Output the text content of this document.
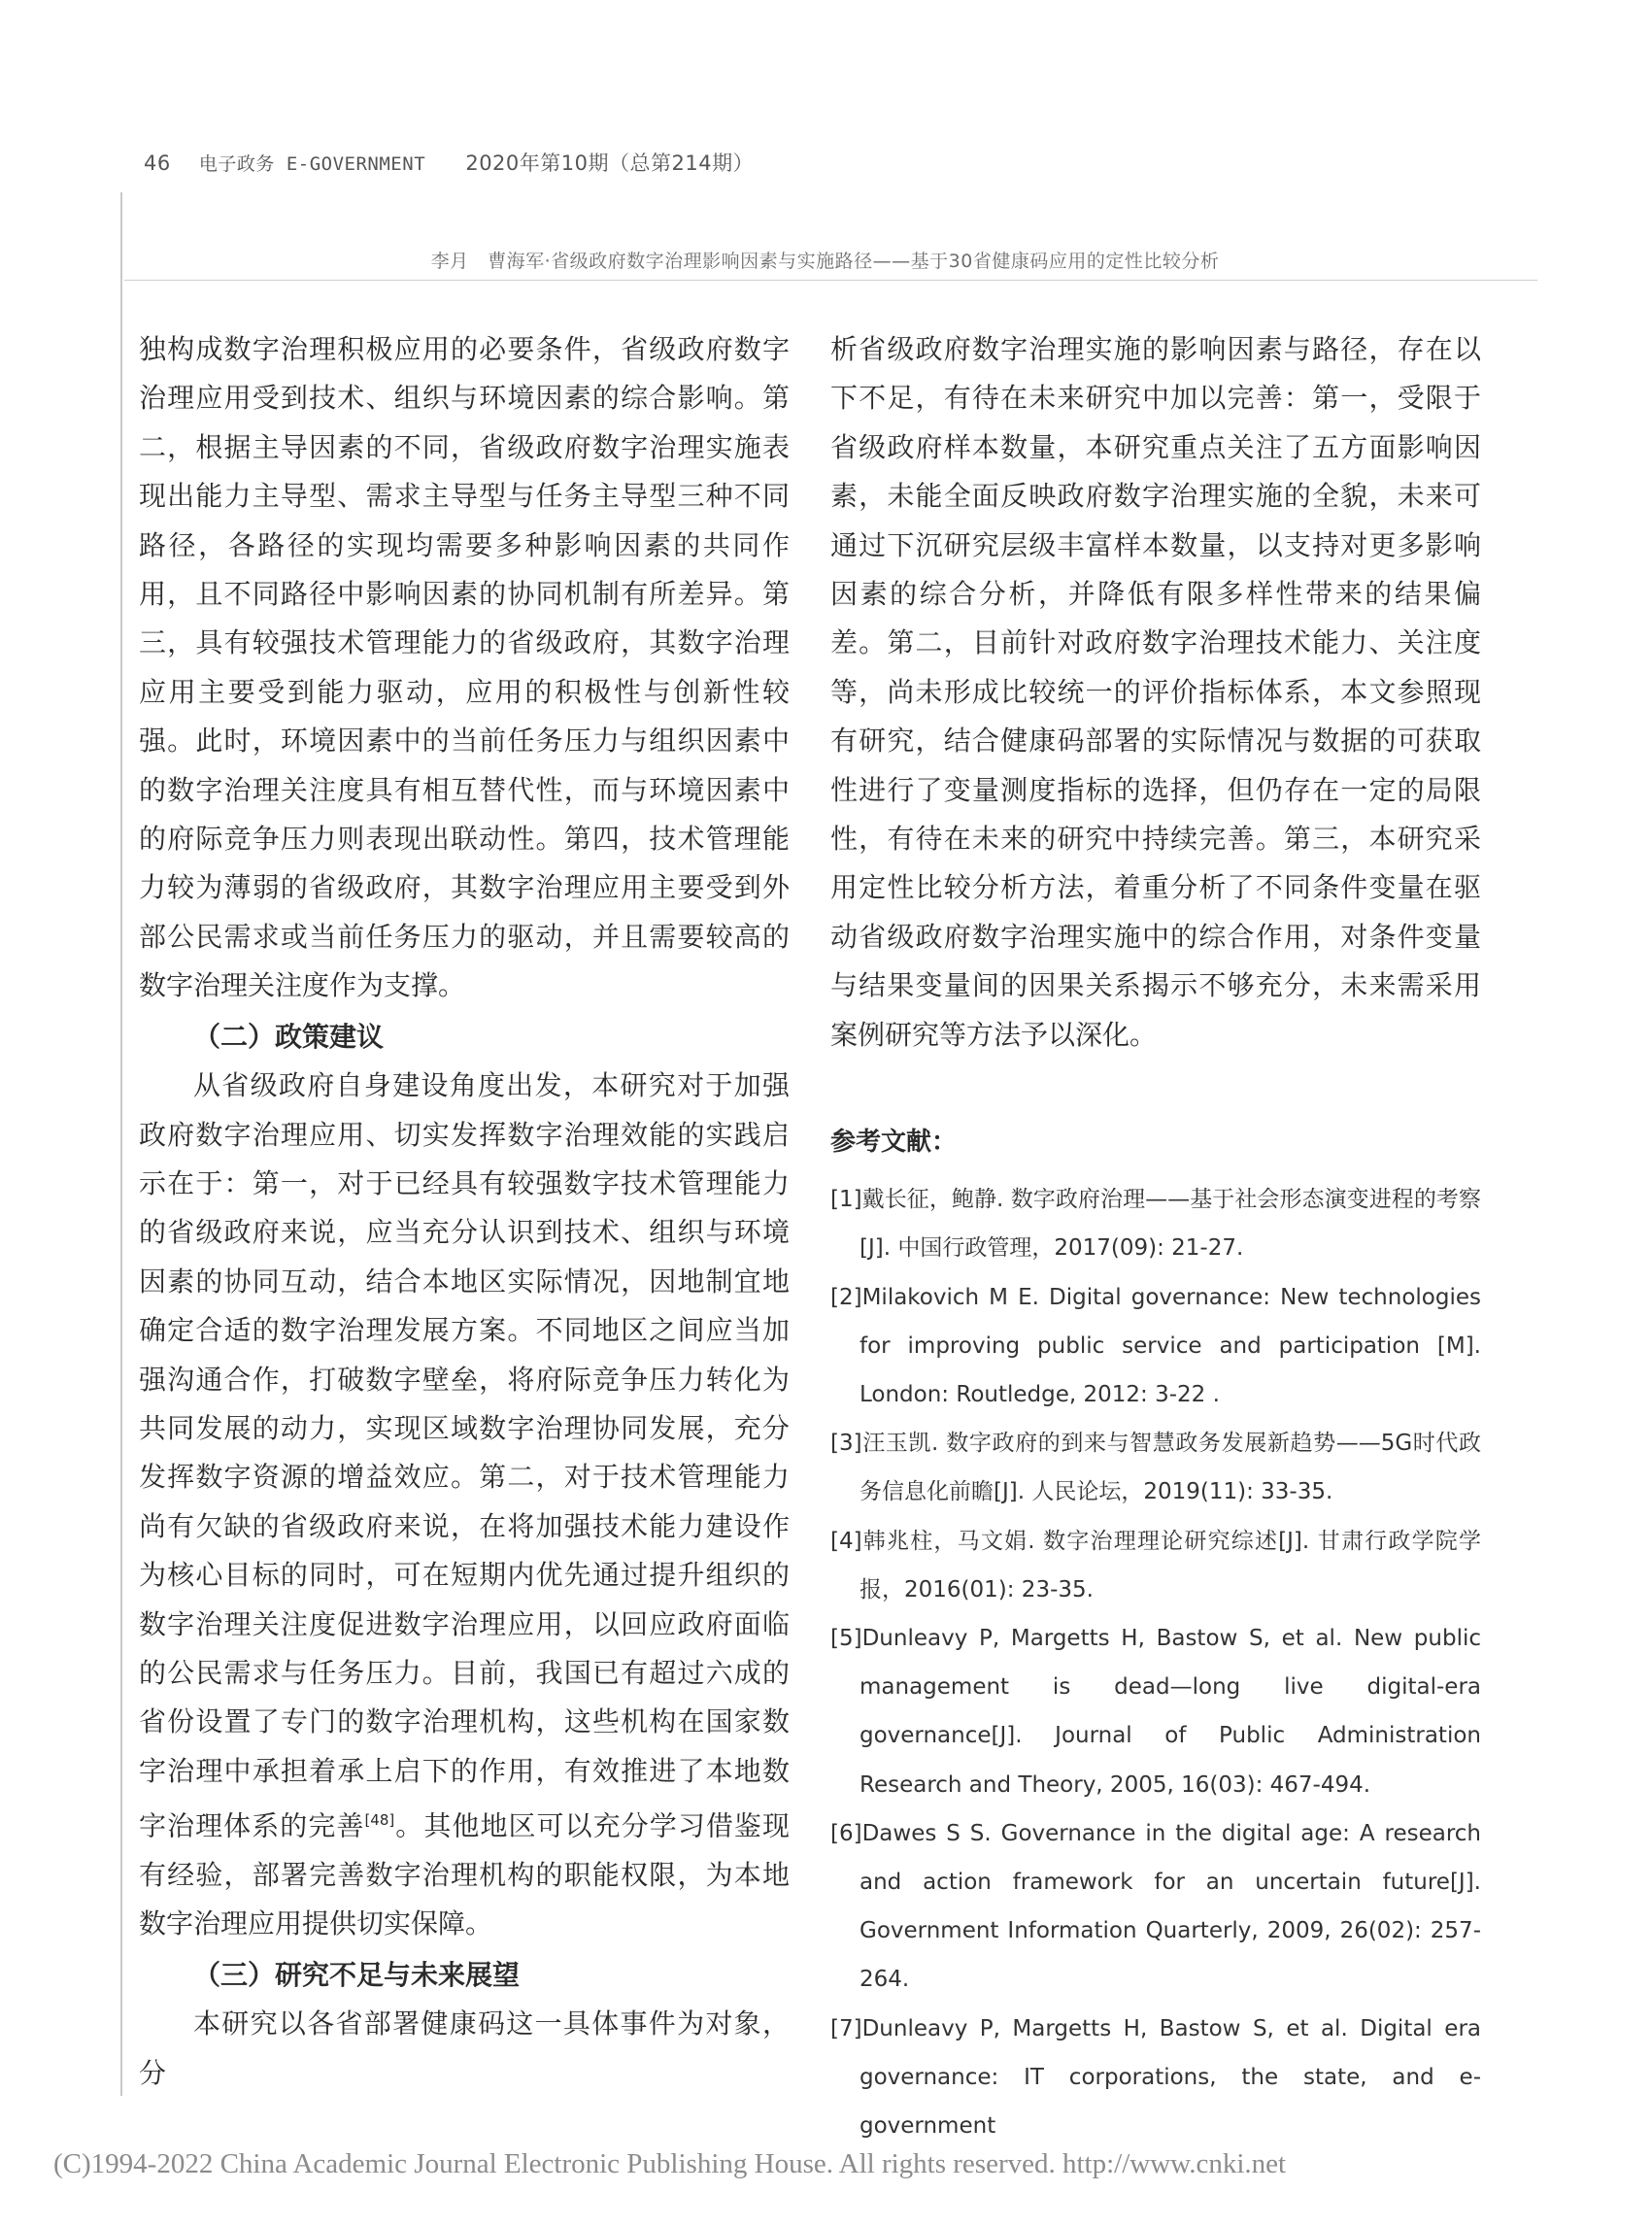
46 电子政务 E-GOVERNMENT 2020年第10期（总第214期）
李月　曹海军·省级政府数字治理影响因素与实施路径——基于30省健康码应用的定性比较分析

独构成数字治理积极应用的必要条件，省级政府数字治理应用受到技术、组织与环境因素的综合影响。第二，根据主导因素的不同，省级政府数字治理实施表现出能力主导型、需求主导型与任务主导型三种不同路径，各路径的实现均需要多种影响因素的共同作用，且不同路径中影响因素的协同机制有所差异。第三，具有较强技术管理能力的省级政府，其数字治理应用主要受到能力驱动，应用的积极性与创新性较强。此时，环境因素中的当前任务压力与组织因素中的数字治理关注度具有相互替代性，而与环境因素中的府际竞争压力则表现出联动性。第四，技术管理能力较为薄弱的省级政府，其数字治理应用主要受到外部公民需求或当前任务压力的驱动，并且需要较高的数字治理关注度作为支撑。

（二）政策建议

从省级政府自身建设角度出发，本研究对于加强政府数字治理应用、切实发挥数字治理效能的实践启示在于：第一，对于已经具有较强数字技术管理能力的省级政府来说，应当充分认识到技术、组织与环境因素的协同互动，结合本地区实际情况，因地制宜地确定合适的数字治理发展方案。不同地区之间应当加强沟通合作，打破数字壁垒，将府际竞争压力转化为共同发展的动力，实现区域数字治理协同发展，充分发挥数字资源的增益效应。第二，对于技术管理能力尚有欠缺的省级政府来说，在将加强技术能力建设作为核心目标的同时，可在短期内优先通过提升组织的数字治理关注度促进数字治理应用，以回应政府面临的公民需求与任务压力。目前，我国已有超过六成的省份设置了专门的数字治理机构，这些机构在国家数字治理中承担着承上启下的作用，有效推进了本地数字治理体系的完善[48]。其他地区可以充分学习借鉴现有经验，部署完善数字治理机构的职能权限，为本地数字治理应用提供切实保障。

（三）研究不足与未来展望

本研究以各省部署健康码这一具体事件为对象，分

析省级政府数字治理实施的影响因素与路径，存在以下不足，有待在未来研究中加以完善：第一，受限于省级政府样本数量，本研究重点关注了五方面影响因素，未能全面反映政府数字治理实施的全貌，未来可通过下沉研究层级丰富样本数量，以支持对更多影响因素的综合分析，并降低有限多样性带来的结果偏差。第二，目前针对政府数字治理技术能力、关注度等，尚未形成比较统一的评价指标体系，本文参照现有研究，结合健康码部署的实际情况与数据的可获取性进行了变量测度指标的选择，但仍存在一定的局限性，有待在未来的研究中持续完善。第三，本研究采用定性比较分析方法，着重分析了不同条件变量在驱动省级政府数字治理实施中的综合作用，对条件变量与结果变量间的因果关系揭示不够充分，未来需采用案例研究等方法予以深化。

参考文献：
[1]戴长征，鲍静. 数字政府治理——基于社会形态演变进程的考察[J]. 中国行政管理，2017(09): 21-27.
[2]Milakovich M E. Digital governance: New technologies for improving public service and participation [M]. London: Routledge, 2012: 3-22 .
[3]汪玉凯. 数字政府的到来与智慧政务发展新趋势——5G时代政务信息化前瞻[J]. 人民论坛，2019(11): 33-35.
[4]韩兆柱，马文娟. 数字治理理论研究综述[J]. 甘肃行政学院学报，2016(01): 23-35.
[5]Dunleavy P, Margetts H, Bastow S, et al. New public management is dead—long live digital-era governance[J]. Journal of Public Administration Research and Theory, 2005, 16(03): 467-494.
[6]Dawes S S. Governance in the digital age: A research and action framework for an uncertain future[J]. Government Information Quarterly, 2009, 26(02): 257-264.
[7]Dunleavy P, Margetts H, Bastow S, et al. Digital era governance: IT corporations, the state, and e-government
(C)1994-2022 China Academic Journal Electronic Publishing House. All rights reserved. http://www.cnki.net
